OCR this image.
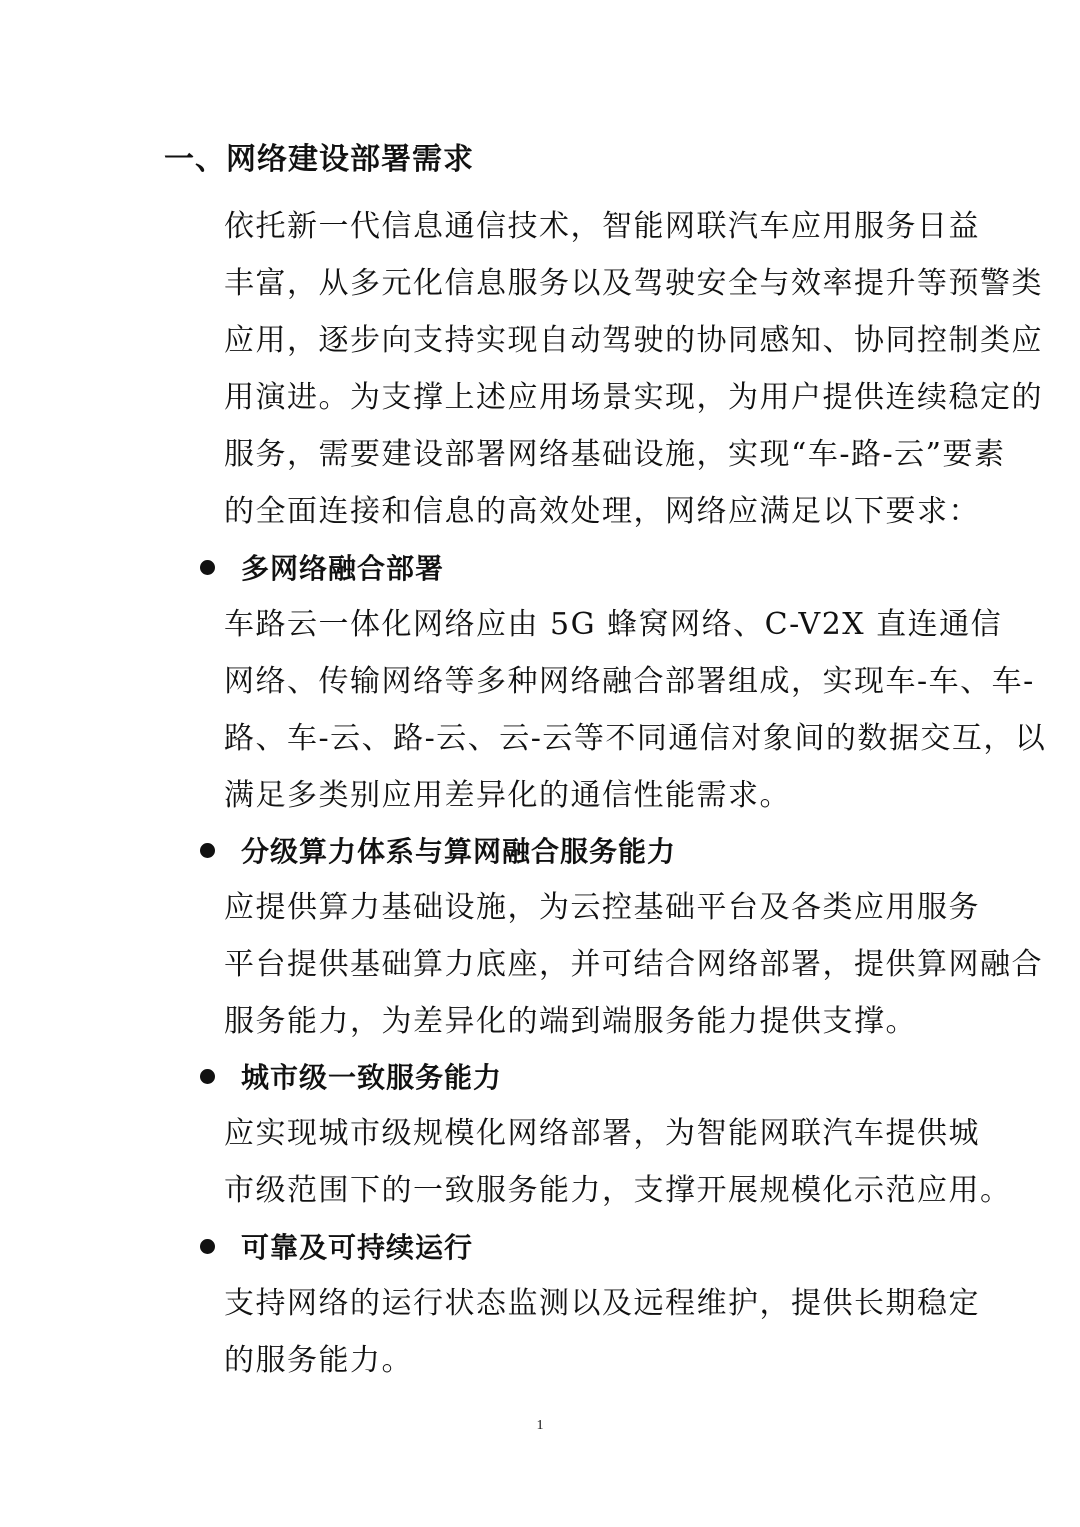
一、网络建设部署需求
依托新一代信息通信技术，智能网联汽车应用服务日益
丰富，从多元化信息服务以及驾驶安全与效率提升等预警类
应用，逐步向支持实现自动驾驶的协同感知、协同控制类应
用演进。为支撑上述应用场景实现，为用户提供连续稳定的
服务，需要建设部署网络基础设施，实现“车-路-云”要素
的全面连接和信息的高效处理，网络应满足以下要求：
多网络融合部署
车路云一体化网络应由 5G 蜂窝网络、C-V2X 直连通信
网络、传输网络等多种网络融合部署组成，实现车-车、车-
路、车-云、路-云、云-云等不同通信对象间的数据交互，以
满足多类别应用差异化的通信性能需求。
分级算力体系与算网融合服务能力
应提供算力基础设施，为云控基础平台及各类应用服务
平台提供基础算力底座，并可结合网络部署，提供算网融合
服务能力，为差异化的端到端服务能力提供支撑。
城市级一致服务能力
应实现城市级规模化网络部署，为智能网联汽车提供城
市级范围下的一致服务能力，支撑开展规模化示范应用。
可靠及可持续运行
支持网络的运行状态监测以及远程维护，提供长期稳定
的服务能力。
1
